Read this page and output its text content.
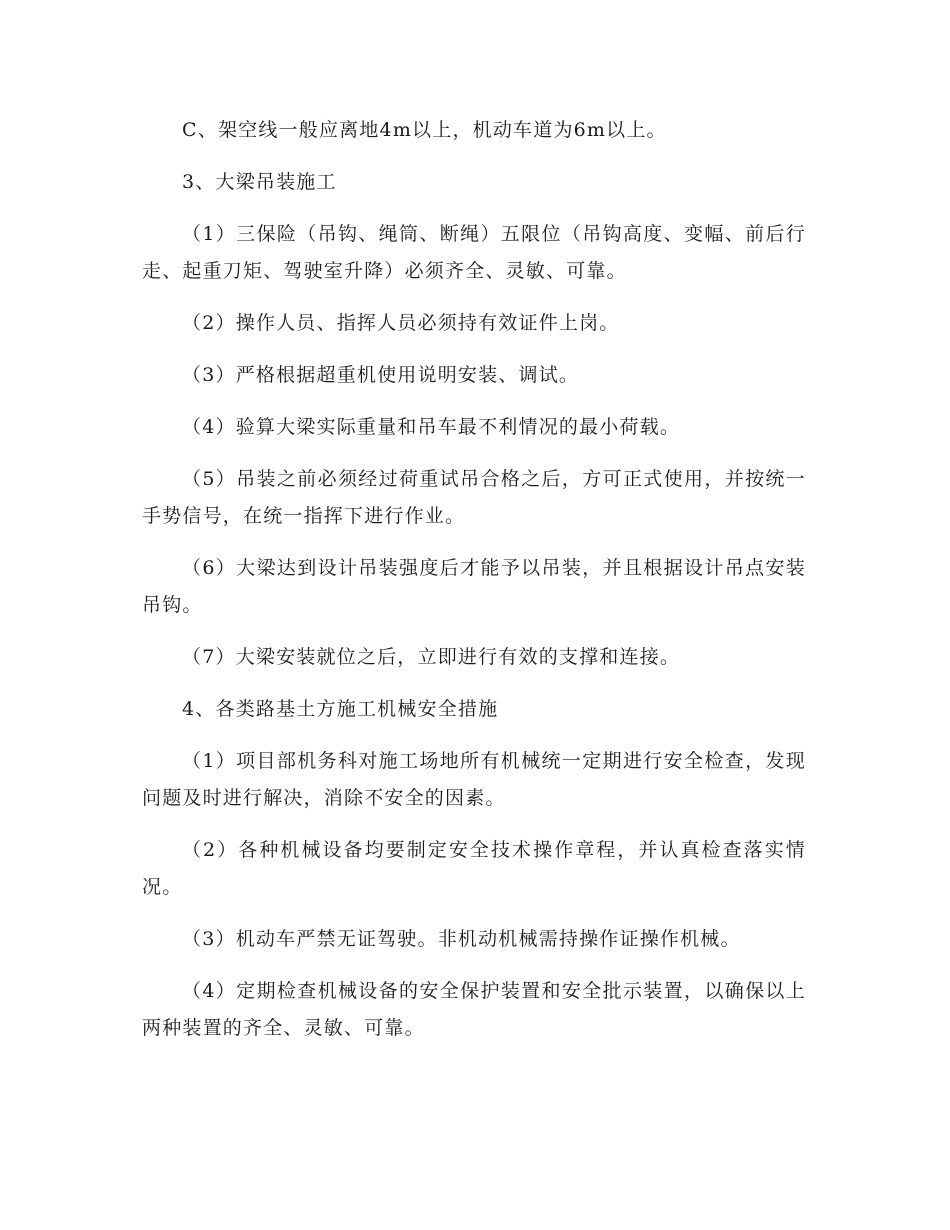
C、架空线一般应离地4m以上，机动车道为6m以上。

3、大梁吊装施工

（1）三保险（吊钩、绳筒、断绳）五限位（吊钩高度、变幅、前后行走、起重刀矩、驾驶室升降）必须齐全、灵敏、可靠。

（2）操作人员、指挥人员必须持有效证件上岗。

（3）严格根据超重机使用说明安装、调试。

（4）验算大梁实际重量和吊车最不利情况的最小荷载。

（5）吊装之前必须经过荷重试吊合格之后，方可正式使用，并按统一手势信号，在统一指挥下进行作业。

（6）大梁达到设计吊装强度后才能予以吊装，并且根据设计吊点安装吊钩。

（7）大梁安装就位之后，立即进行有效的支撑和连接。

4、各类路基土方施工机械安全措施

（1）项目部机务科对施工场地所有机械统一定期进行安全检查，发现问题及时进行解决，消除不安全的因素。

（2）各种机械设备均要制定安全技术操作章程，并认真检查落实情况。

（3）机动车严禁无证驾驶。非机动机械需持操作证操作机械。

（4）定期检查机械设备的安全保护装置和安全批示装置，以确保以上两种装置的齐全、灵敏、可靠。
